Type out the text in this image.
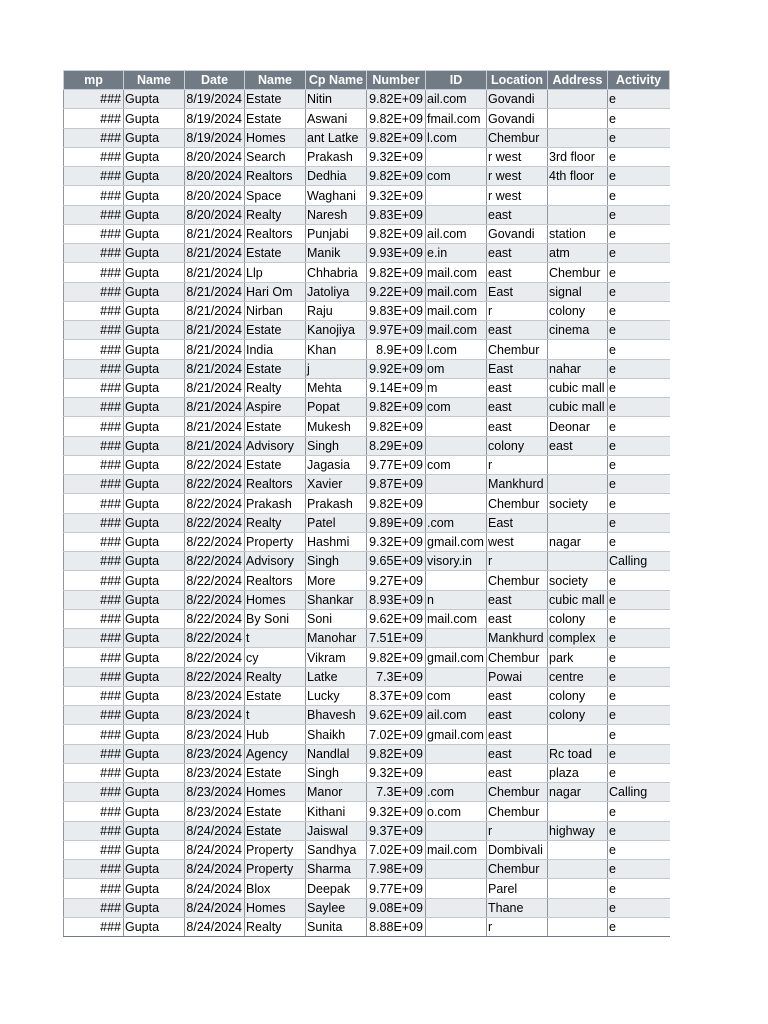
mp	Name	Date	Name	Cp Name	Number	ID	Location	Address	Activity
###	Gupta	8/19/2024	Estate	Nitin	9.82E+09	ail.com	Govandi		e
###	Gupta	8/19/2024	Estate	Aswani	9.82E+09	fmail.com	Govandi		e
###	Gupta	8/19/2024	Homes	ant Latke	9.82E+09	l.com	Chembur		e
###	Gupta	8/20/2024	Search	Prakash	9.32E+09		r west	3rd floor	e
###	Gupta	8/20/2024	Realtors	Dedhia	9.82E+09	com	r west	4th floor	e
###	Gupta	8/20/2024	Space	Waghani	9.32E+09		r west		e
###	Gupta	8/20/2024	Realty	Naresh	9.83E+09		east		e
###	Gupta	8/21/2024	Realtors	Punjabi	9.82E+09	ail.com	Govandi	station	e
###	Gupta	8/21/2024	Estate	Manik	9.93E+09	e.in	east	atm	e
###	Gupta	8/21/2024	Llp	Chhabria	9.82E+09	mail.com	east	Chembur	e
###	Gupta	8/21/2024	Hari Om	Jatoliya	9.22E+09	mail.com	East	signal	e
###	Gupta	8/21/2024	Nirban	Raju	9.83E+09	mail.com	r	colony	e
###	Gupta	8/21/2024	Estate	Kanojiya	9.97E+09	mail.com	east	cinema	e
###	Gupta	8/21/2024	India	Khan	8.9E+09	l.com	Chembur		e
###	Gupta	8/21/2024	Estate	j	9.92E+09	om	East	nahar	e
###	Gupta	8/21/2024	Realty	Mehta	9.14E+09	m	east	cubic mall	e
###	Gupta	8/21/2024	Aspire	Popat	9.82E+09	com	east	cubic mall	e
###	Gupta	8/21/2024	Estate	Mukesh	9.82E+09		east	Deonar	e
###	Gupta	8/21/2024	Advisory	Singh	8.29E+09		colony	east	e
###	Gupta	8/22/2024	Estate	Jagasia	9.77E+09	com	r		e
###	Gupta	8/22/2024	Realtors	Xavier	9.87E+09		Mankhurd		e
###	Gupta	8/22/2024	Prakash	Prakash	9.82E+09		Chembur	society	e
###	Gupta	8/22/2024	Realty	Patel	9.89E+09	.com	East		e
###	Gupta	8/22/2024	Property	Hashmi	9.32E+09	gmail.com	west	nagar	e
###	Gupta	8/22/2024	Advisory	Singh	9.65E+09	visory.in	r		Calling
###	Gupta	8/22/2024	Realtors	More	9.27E+09		Chembur	society	e
###	Gupta	8/22/2024	Homes	Shankar	8.93E+09	n	east	cubic mall	e
###	Gupta	8/22/2024	By Soni	Soni	9.62E+09	mail.com	east	colony	e
###	Gupta	8/22/2024	t	Manohar	7.51E+09		Mankhurd	complex	e
###	Gupta	8/22/2024	cy	Vikram	9.82E+09	gmail.com	Chembur	park	e
###	Gupta	8/22/2024	Realty	Latke	7.3E+09		Powai	centre	e
###	Gupta	8/23/2024	Estate	Lucky	8.37E+09	com	east	colony	e
###	Gupta	8/23/2024	t	Bhavesh	9.62E+09	ail.com	east	colony	e
###	Gupta	8/23/2024	Hub	Shaikh	7.02E+09	gmail.com	east		e
###	Gupta	8/23/2024	Agency	Nandlal	9.82E+09		east	Rc toad	e
###	Gupta	8/23/2024	Estate	Singh	9.32E+09		east	plaza	e
###	Gupta	8/23/2024	Homes	Manor	7.3E+09	.com	Chembur	nagar	Calling
###	Gupta	8/23/2024	Estate	Kithani	9.32E+09	o.com	Chembur		e
###	Gupta	8/24/2024	Estate	Jaiswal	9.37E+09		r	highway	e
###	Gupta	8/24/2024	Property	Sandhya	7.02E+09	mail.com	Dombivali		e
###	Gupta	8/24/2024	Property	Sharma	7.98E+09		Chembur		e
###	Gupta	8/24/2024	Blox	Deepak	9.77E+09		Parel		e
###	Gupta	8/24/2024	Homes	Saylee	9.08E+09		Thane		e
###	Gupta	8/24/2024	Realty	Sunita	8.88E+09		r		e
